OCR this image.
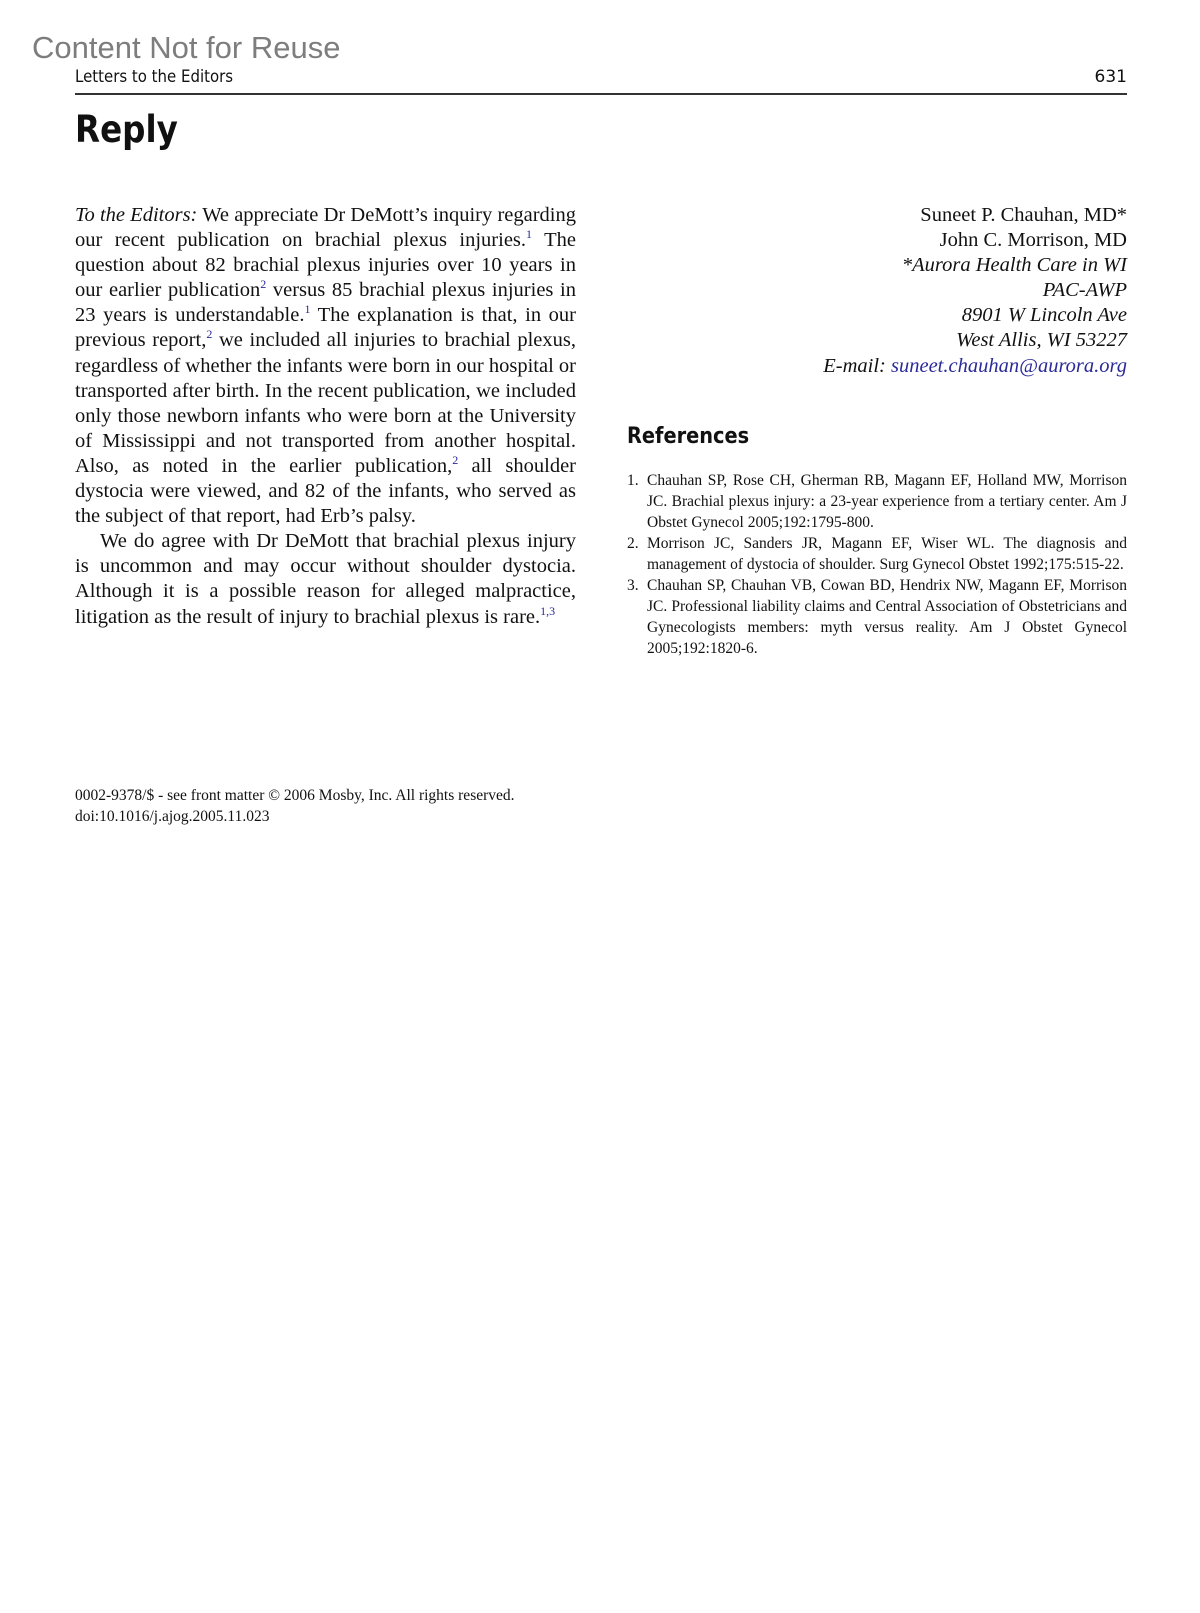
Content Not for Reuse
Letters to the Editors	631
Reply

To the Editors: We appreciate Dr DeMott’s inquiry regarding our recent publication on brachial plexus injuries.$^1$ The question about 82 brachial plexus injuries over 10 years in our earlier publication$^2$ versus 85 brachial plexus injuries in 23 years is understandable.$^1$ The explanation is that, in our previous report,$^2$ we included all injuries to brachial plexus, regardless of whether the infants were born in our hospital or transported after birth. In the recent publication, we included only those newborn infants who were born at the University of Mississippi and not transported from another hospital. Also, as noted in the earlier publication,$^2$ all shoulder dystocia were viewed, and 82 of the infants, who served as the subject of that report, had Erb’s palsy.

We do agree with Dr DeMott that brachial plexus injury is uncommon and may occur without shoulder dystocia. Although it is a possible reason for alleged malpractice, litigation as the result of injury to brachial plexus is rare.$^{1,3}$

Suneet P. Chauhan, MD*
John C. Morrison, MD
*Aurora Health Care in WI
PAC-AWP
8901 W Lincoln Ave
West Allis, WI 53227
E-mail: suneet.chauhan@aurora.org
References
1. Chauhan SP, Rose CH, Gherman RB, Magann EF, Holland MW, Morrison JC. Brachial plexus injury: a 23-year experience from a tertiary center. Am J Obstet Gynecol 2005;192:1795-800.
2. Morrison JC, Sanders JR, Magann EF, Wiser WL. The diagnosis and management of dystocia of shoulder. Surg Gynecol Obstet 1992;175:515-22.
3. Chauhan SP, Chauhan VB, Cowan BD, Hendrix NW, Magann EF, Morrison JC. Professional liability claims and Central Association of Obstetricians and Gynecologists members: myth versus reality. Am J Obstet Gynecol 2005;192:1820-6.
0002-9378/$ - see front matter © 2006 Mosby, Inc. All rights reserved.
doi:10.1016/j.ajog.2005.11.023
